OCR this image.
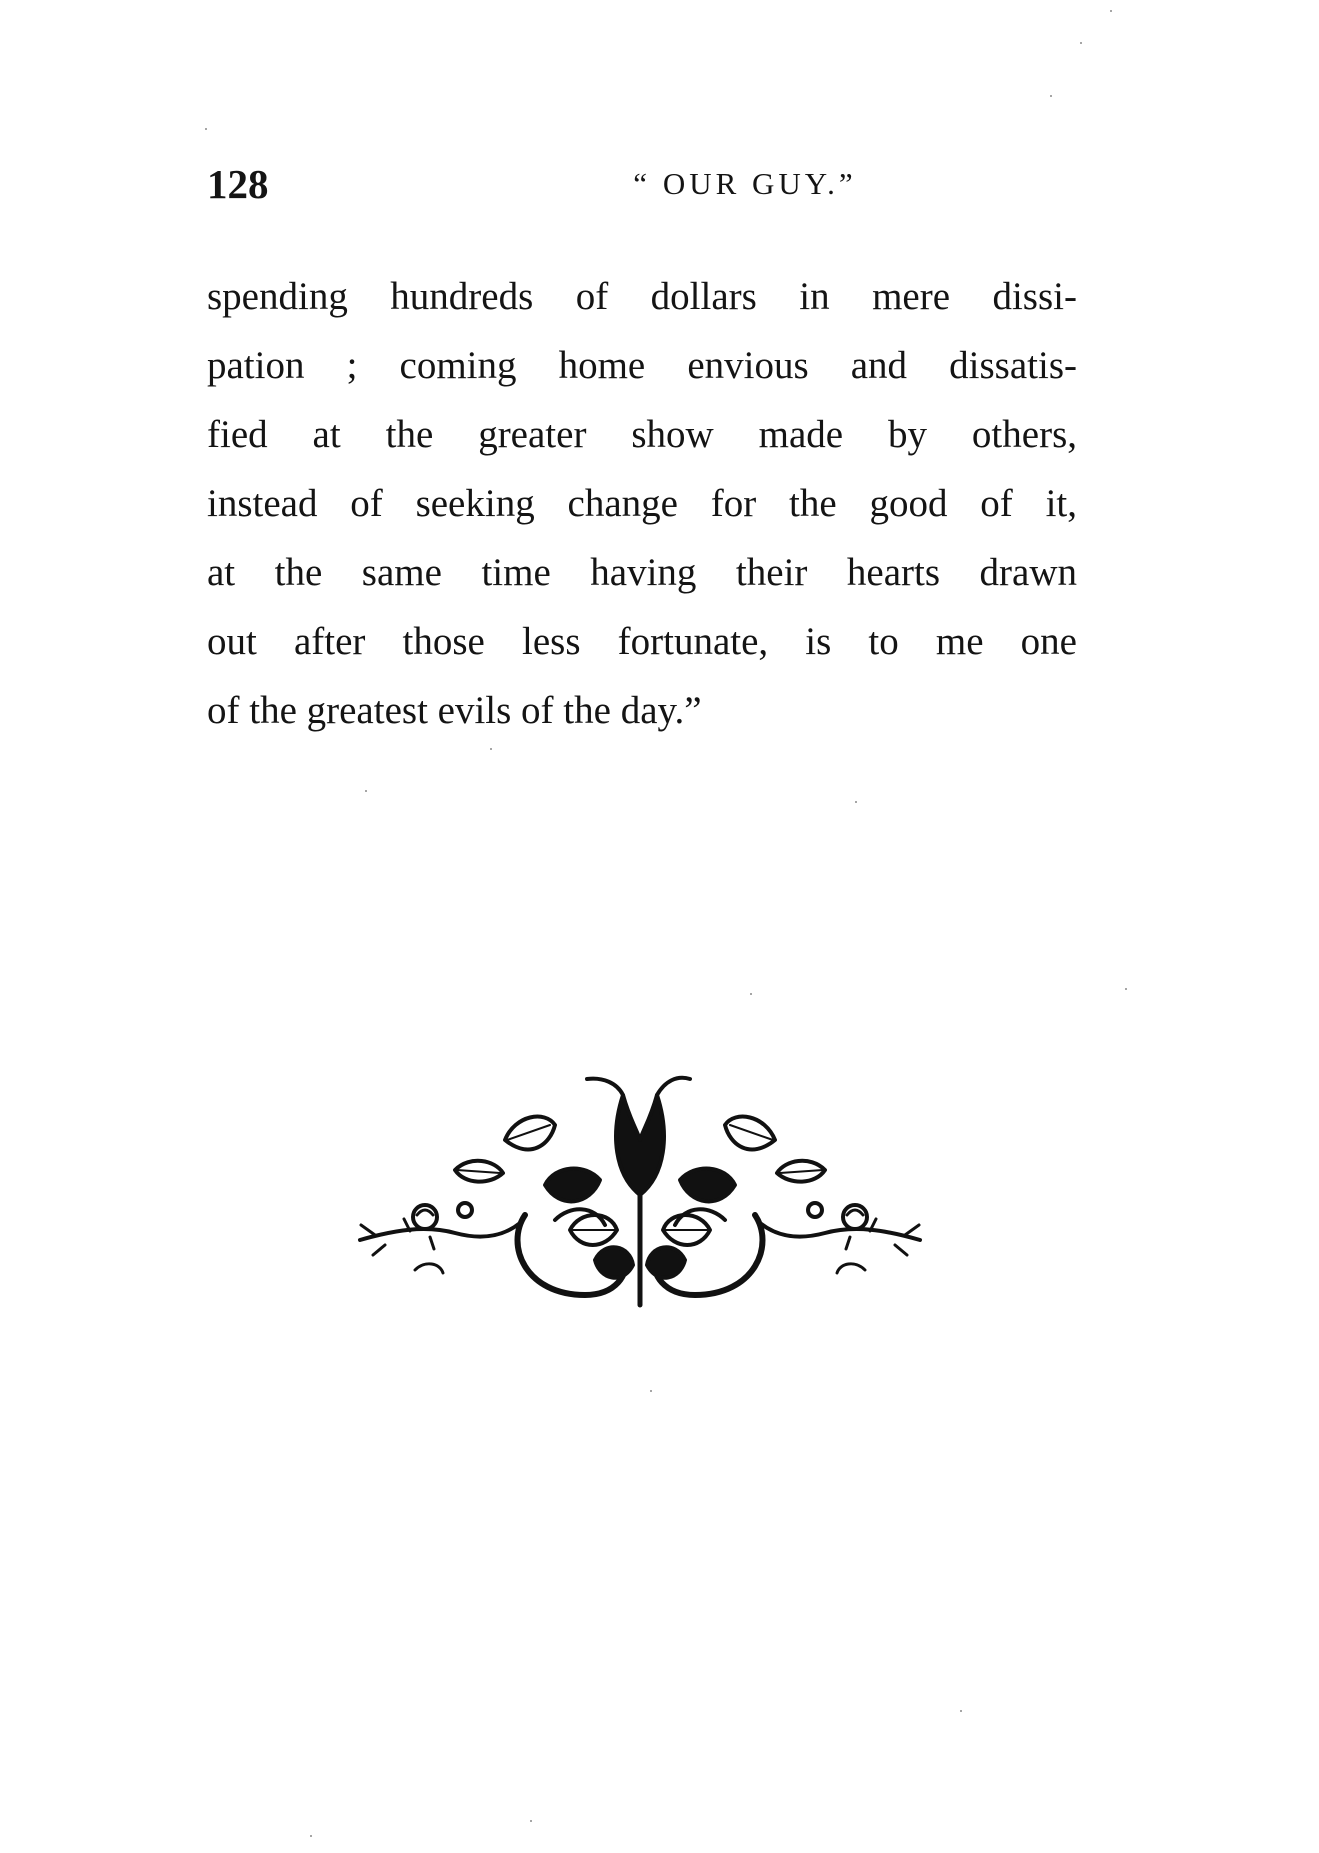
128	“ OUR GUY.”
spending hundreds of dollars in mere dissi-
pation ; coming home envious and dissatis-
fied at the greater show made by others,
instead of seeking change for the good of it,
at the same time having their hearts drawn
out after those less fortunate, is to me one
of the greatest evils of the day.”
